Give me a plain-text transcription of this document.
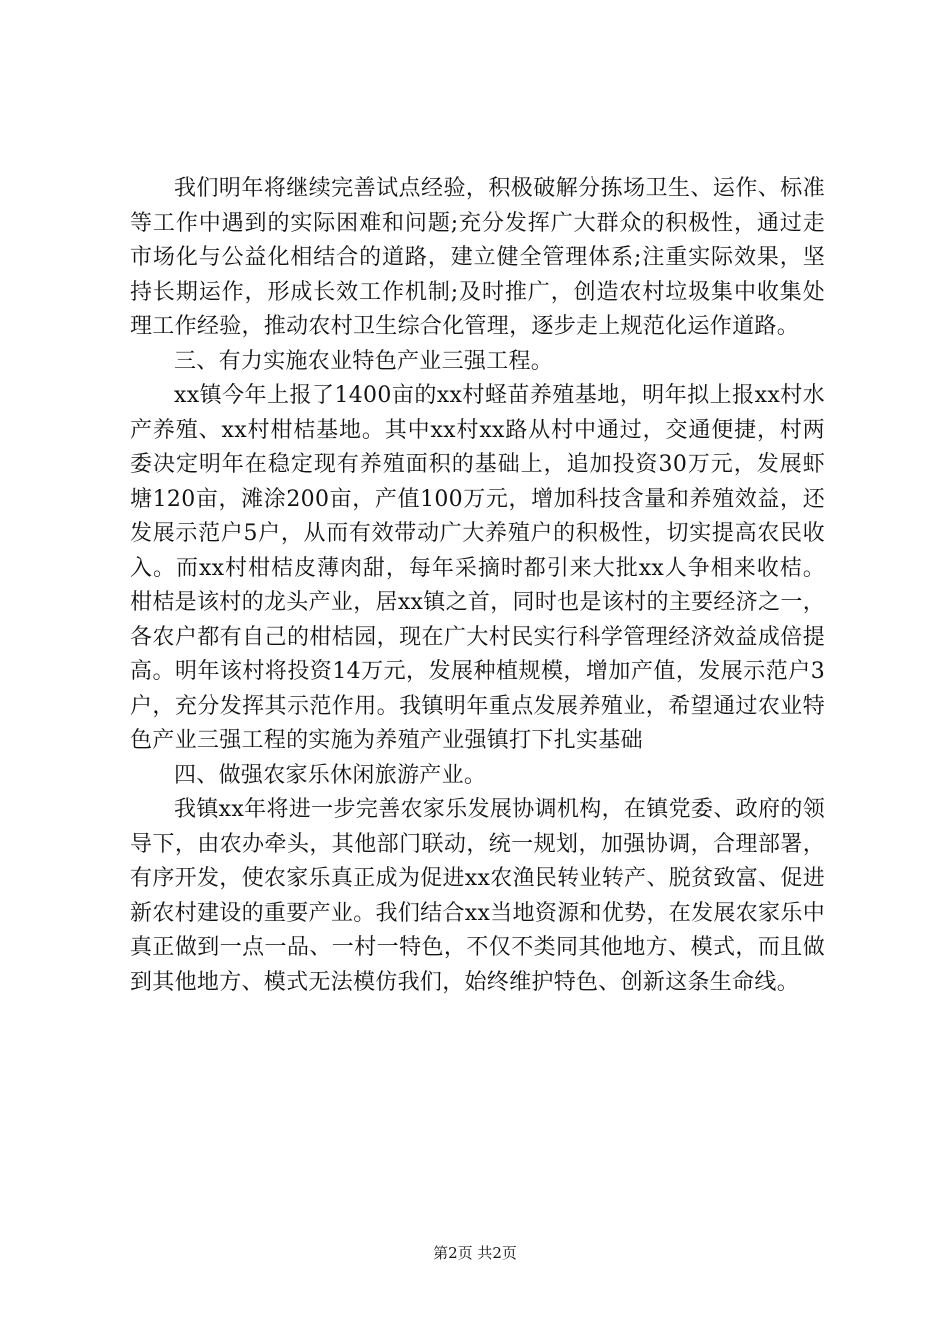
我们明年将继续完善试点经验，积极破解分拣场卫生、运作、标准等工作中遇到的实际困难和问题;充分发挥广大群众的积极性，通过走市场化与公益化相结合的道路，建立健全管理体系;注重实际效果，坚持长期运作，形成长效工作机制;及时推广，创造农村垃圾集中收集处理工作经验，推动农村卫生综合化管理，逐步走上规范化运作道路。

三、有力实施农业特色产业三强工程。

xx镇今年上报了1400亩的xx村蛏苗养殖基地，明年拟上报xx村水产养殖、xx村柑桔基地。其中xx村xx路从村中通过，交通便捷，村两委决定明年在稳定现有养殖面积的基础上，追加投资30万元，发展虾塘120亩，滩涂200亩，产值100万元，增加科技含量和养殖效益，还发展示范户5户，从而有效带动广大养殖户的积极性，切实提高农民收入。而xx村柑桔皮薄肉甜，每年采摘时都引来大批xx人争相来收桔。柑桔是该村的龙头产业，居xx镇之首，同时也是该村的主要经济之一，各农户都有自己的柑桔园，现在广大村民实行科学管理经济效益成倍提高。明年该村将投资14万元，发展种植规模，增加产值，发展示范户3户，充分发挥其示范作用。我镇明年重点发展养殖业，希望通过农业特色产业三强工程的实施为养殖产业强镇打下扎实基础

四、做强农家乐休闲旅游产业。

我镇xx年将进一步完善农家乐发展协调机构，在镇党委、政府的领导下，由农办牵头，其他部门联动，统一规划，加强协调，合理部署，有序开发，使农家乐真正成为促进xx农渔民转业转产、脱贫致富、促进新农村建设的重要产业。我们结合xx当地资源和优势，在发展农家乐中真正做到一点一品、一村一特色，不仅不类同其他地方、模式，而且做到其他地方、模式无法模仿我们，始终维护特色、创新这条生命线。

第2页 共2页
